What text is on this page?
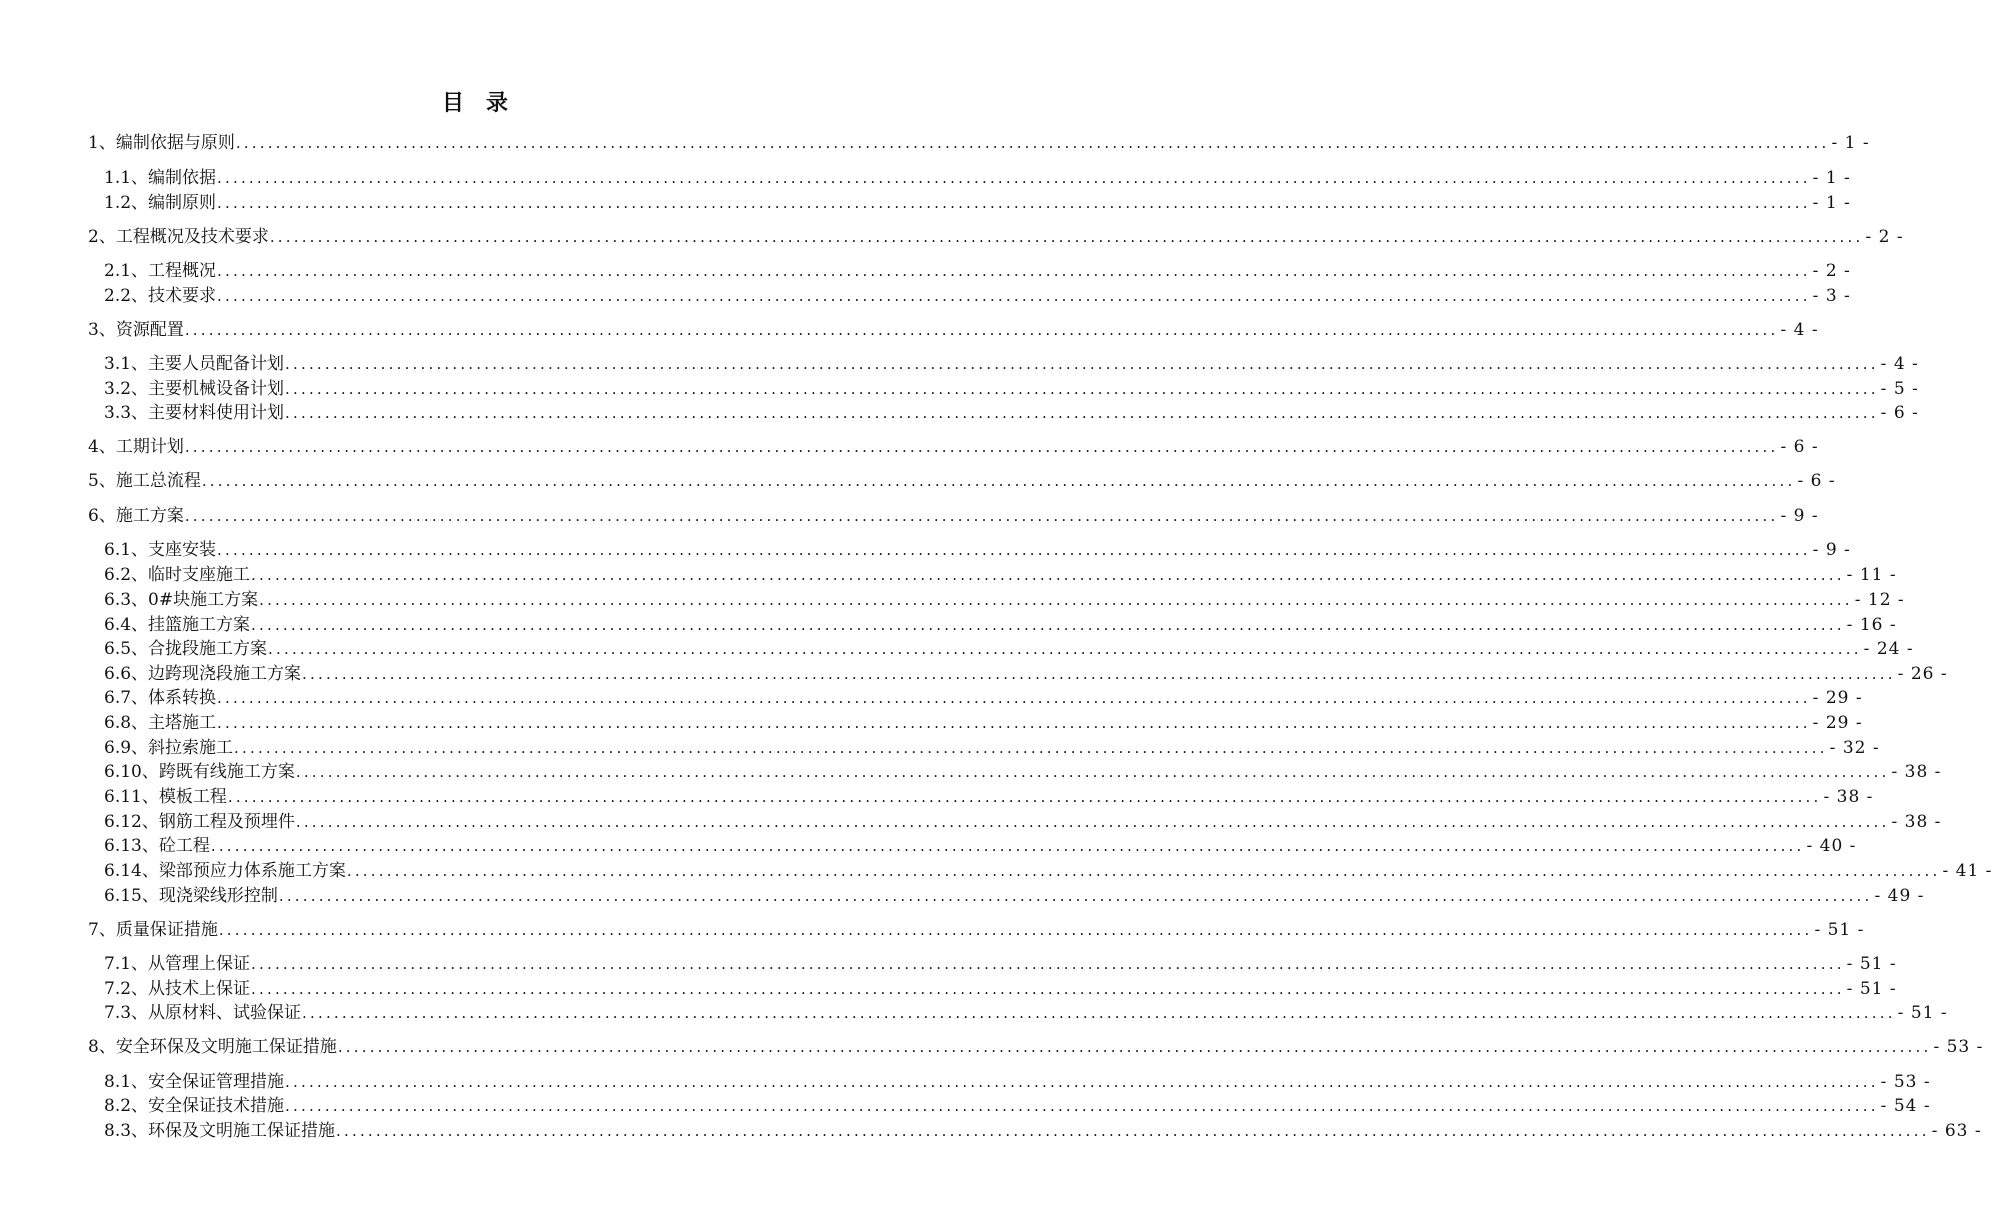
目　录
1、编制依据与原则 ........................................................................................................................................................................................................ - 1 -
1.1、编制依据 ........................................................................................................................................................................................................ - 1 -
1.2、编制原则 ........................................................................................................................................................................................................ - 1 -
2、工程概况及技术要求 ........................................................................................................................................................................................................ - 2 -
2.1、工程概况 ........................................................................................................................................................................................................ - 2 -
2.2、技术要求 ........................................................................................................................................................................................................ - 3 -
3、资源配置 ........................................................................................................................................................................................................ - 4 -
3.1、主要人员配备计划 ........................................................................................................................................................................................................ - 4 -
3.2、主要机械设备计划 ........................................................................................................................................................................................................ - 5 -
3.3、主要材料使用计划 ........................................................................................................................................................................................................ - 6 -
4、工期计划 ........................................................................................................................................................................................................ - 6 -
5、施工总流程 ........................................................................................................................................................................................................ - 6 -
6、施工方案 ........................................................................................................................................................................................................ - 9 -
6.1、支座安装 ........................................................................................................................................................................................................ - 9 -
6.2、临时支座施工 ........................................................................................................................................................................................................ - 11 -
6.3、0#块施工方案 ........................................................................................................................................................................................................ - 12 -
6.4、挂篮施工方案 ........................................................................................................................................................................................................ - 16 -
6.5、合拢段施工方案 ........................................................................................................................................................................................................ - 24 -
6.6、边跨现浇段施工方案 ........................................................................................................................................................................................................ - 26 -
6.7、体系转换 ........................................................................................................................................................................................................ - 29 -
6.8、主塔施工 ........................................................................................................................................................................................................ - 29 -
6.9、斜拉索施工 ........................................................................................................................................................................................................ - 32 -
6.10、跨既有线施工方案 ........................................................................................................................................................................................................ - 38 -
6.11、模板工程 ........................................................................................................................................................................................................ - 38 -
6.12、钢筋工程及预埋件 ........................................................................................................................................................................................................ - 38 -
6.13、砼工程 ........................................................................................................................................................................................................ - 40 -
6.14、梁部预应力体系施工方案 ........................................................................................................................................................................................................ - 41 -
6.15、现浇梁线形控制 ........................................................................................................................................................................................................ - 49 -
7、质量保证措施 ........................................................................................................................................................................................................ - 51 -
7.1、从管理上保证 ........................................................................................................................................................................................................ - 51 -
7.2、从技术上保证 ........................................................................................................................................................................................................ - 51 -
7.3、从原材料、试验保证 ........................................................................................................................................................................................................ - 51 -
8、安全环保及文明施工保证措施 ........................................................................................................................................................................................................ - 53 -
8.1、安全保证管理措施 ........................................................................................................................................................................................................ - 53 -
8.2、安全保证技术措施 ........................................................................................................................................................................................................ - 54 -
8.3、环保及文明施工保证措施 ........................................................................................................................................................................................................ - 63 -
